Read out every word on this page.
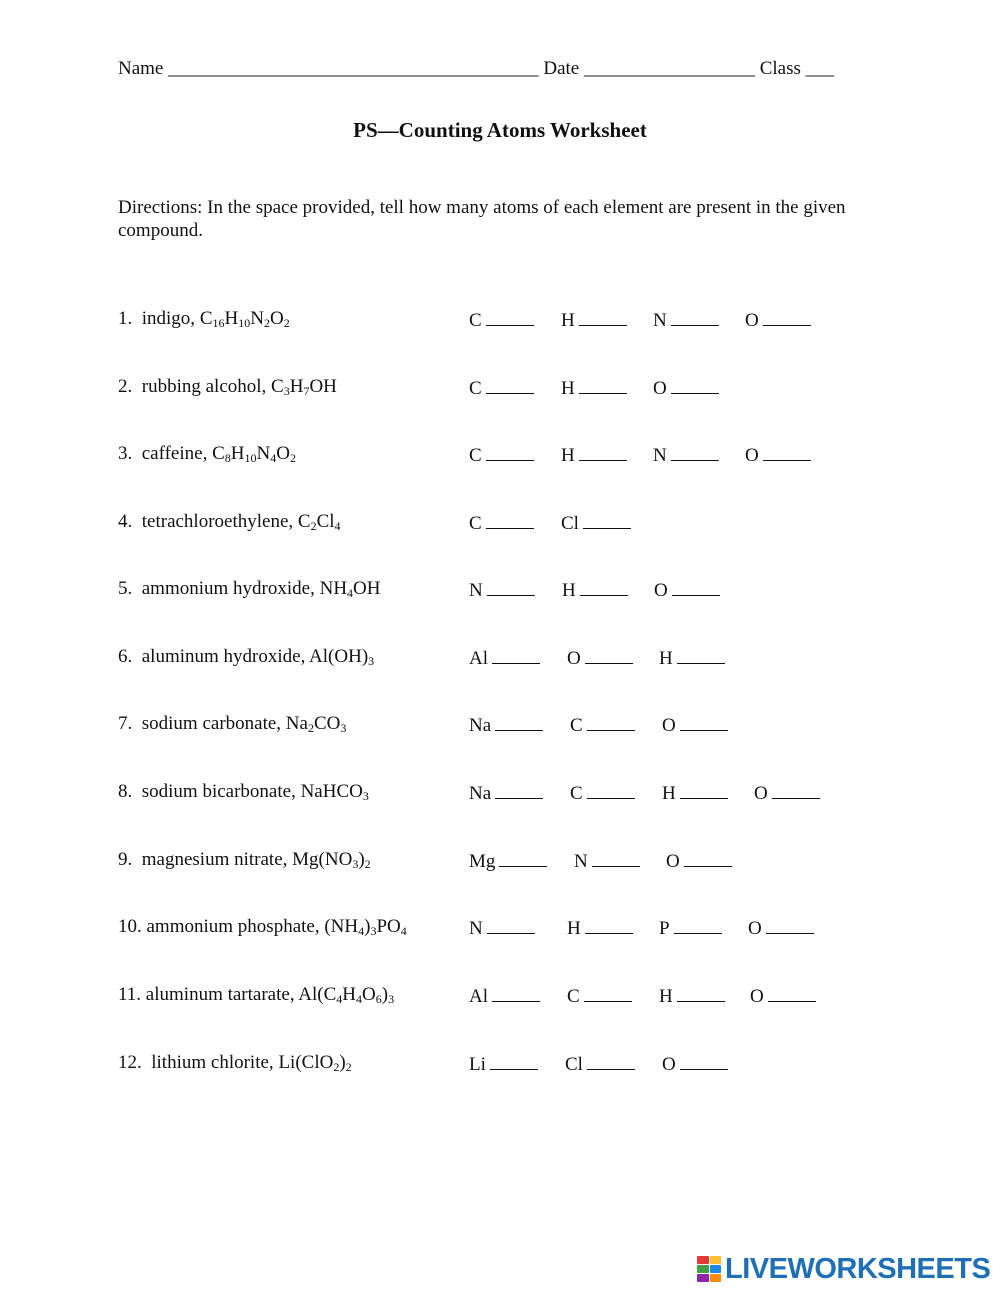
Name _______________________________________ Date __________________ Class ___
PS—Counting Atoms Worksheet
Directions: In the space provided, tell how many atoms of each element are present in the given compound.
1.  indigo, $C_{16}H_{10}N_2O_2$	C	H	N	O
2.  rubbing alcohol, $C_3H_7OH$	C	H	O
3.  caffeine, $C_8H_{10}N_4O_2$	C	H	N	O
4.  tetrachloroethylene, $C_2Cl_4$	C	Cl
5.  ammonium hydroxide, $NH_4OH$	N	H	O
6.  aluminum hydroxide, $Al(OH)_3$	Al	O	H
7.  sodium carbonate, $Na_2CO_3$	Na	C	O
8.  sodium bicarbonate, NaHCO$_3$	Na	C	H	O
9.  magnesium nitrate, $Mg(NO_3)_2$	Mg	N	O
10. ammonium phosphate, $(NH_4)_3PO_4$	N	H	P	O
11. aluminum tartarate, $Al(C_4H_4O_6)_3$	Al	C	H	O
12.  lithium chlorite, $Li(ClO_2)_2$	Li	Cl	O
LIVEWORKSHEETS
